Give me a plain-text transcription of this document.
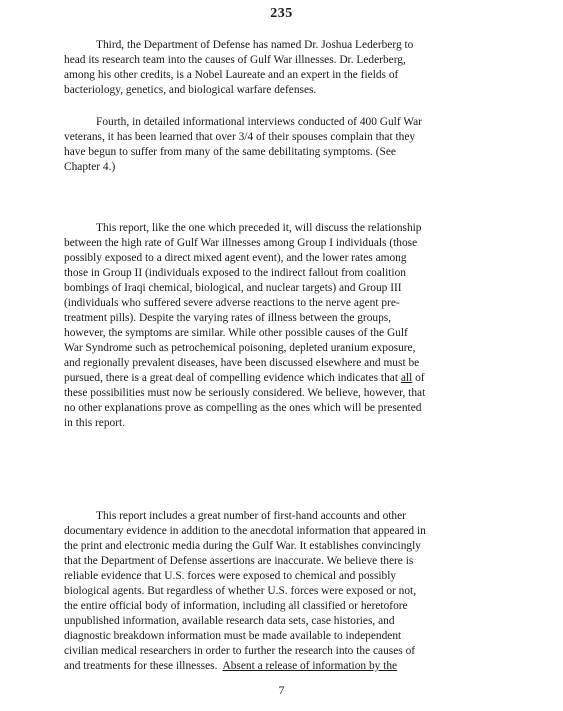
235

Third, the Department of Defense has named Dr. Joshua Lederberg to
head its research team into the causes of Gulf War illnesses. Dr. Lederberg,
among his other credits, is a Nobel Laureate and an expert in the fields of
bacteriology, genetics, and biological warfare defenses.

Fourth, in detailed informational interviews conducted of 400 Gulf War
veterans, it has been learned that over 3/4 of their spouses complain that they
have begun to suffer from many of the same debilitating symptoms. (See
Chapter 4.)

This report, like the one which preceded it, will discuss the relationship
between the high rate of Gulf War illnesses among Group I individuals (those
possibly exposed to a direct mixed agent event), and the lower rates among
those in Group II (individuals exposed to the indirect fallout from coalition
bombings of Iraqi chemical, biological, and nuclear targets) and Group III
(individuals who suffered severe adverse reactions to the nerve agent pre-
treatment pills). Despite the varying rates of illness between the groups,
however, the symptoms are similar. While other possible causes of the Gulf
War Syndrome such as petrochemical poisoning, depleted uranium exposure,
and regionally prevalent diseases, have been discussed elsewhere and must be
pursued, there is a great deal of compelling evidence which indicates that all of
these possibilities must now be seriously considered. We believe, however, that
no other explanations prove as compelling as the ones which will be presented
in this report.

This report includes a great number of first-hand accounts and other
documentary evidence in addition to the anecdotal information that appeared in
the print and electronic media during the Gulf War. It establishes convincingly
that the Department of Defense assertions are inaccurate. We believe there is
reliable evidence that U.S. forces were exposed to chemical and possibly
biological agents. But regardless of whether U.S. forces were exposed or not,
the entire official body of information, including all classified or heretofore
unpublished information, available research data sets, case histories, and
diagnostic breakdown information must be made available to independent
civilian medical researchers in order to further the research into the causes of
and treatments for these illnesses. Absent a release of information by the

7
